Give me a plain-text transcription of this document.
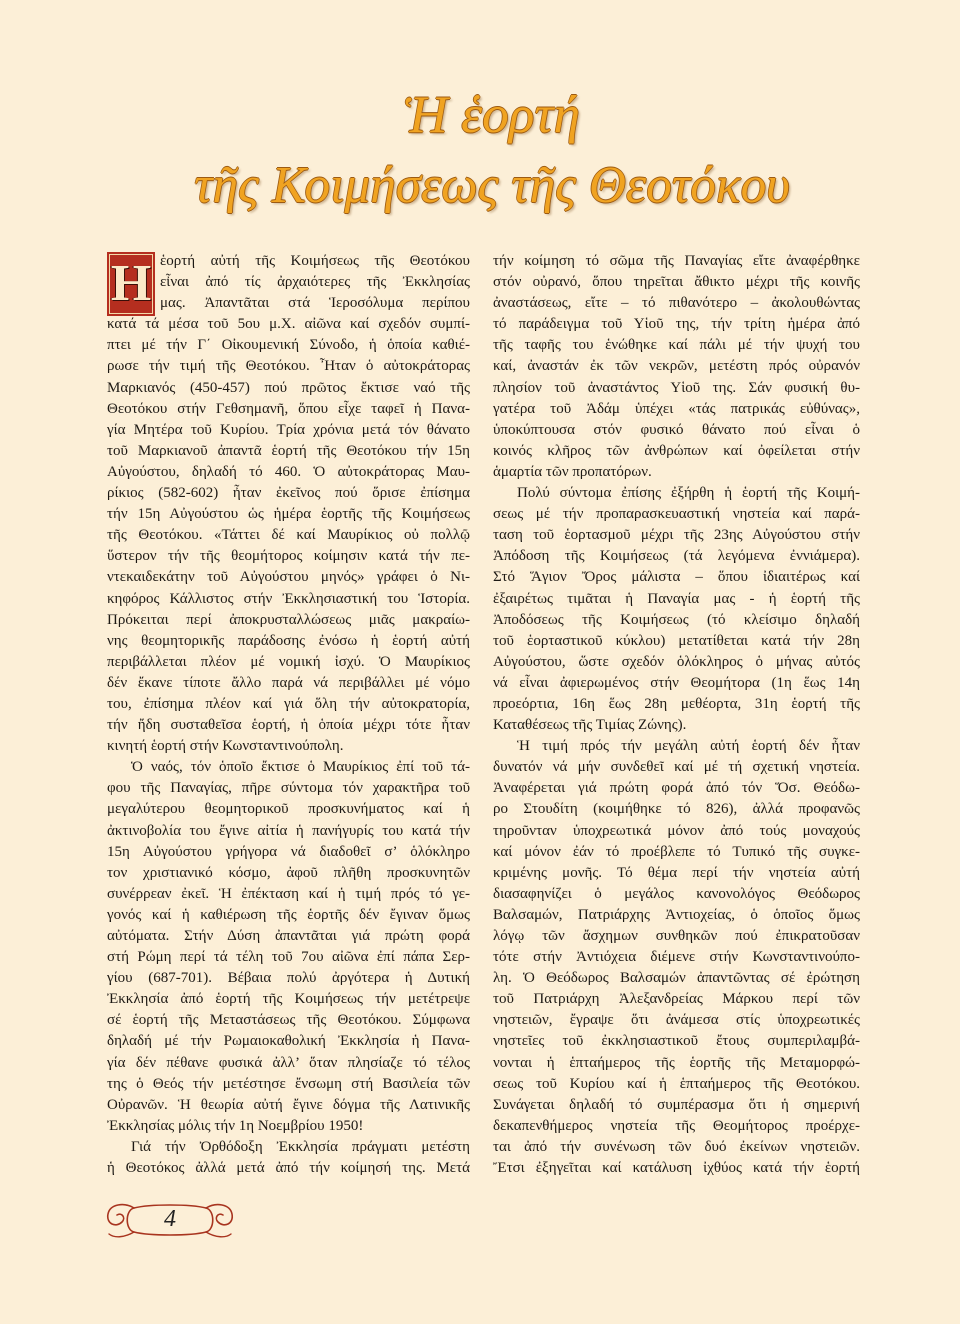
Ἡ ἑορτή
τῆς Κοιμήσεως τῆς Θεοτόκου
Η ἑορτή αὐτή τῆς Κοιμήσεως τῆς Θεοτόκου
εἶναι ἀπό τίς ἀρχαιότερες τῆς Ἐκκλησίας
μας. Ἀπαντᾶται στά Ἱεροσόλυμα περίπου
κατά τά μέσα τοῦ 5ου μ.Χ. αἰῶνα καί σχεδόν συμπί-
πτει μέ τήν Γ΄ Οἰκουμενική Σύνοδο, ἡ ὁποία καθιέ-
ρωσε τήν τιμή τῆς Θεοτόκου. Ἦταν ὁ αὐτοκράτορας
Μαρκιανός (450-457) πού πρῶτος ἔκτισε ναό τῆς
Θεοτόκου στήν Γεθσημανῆ, ὅπου εἶχε ταφεῖ ἡ Πανα-
γία Μητέρα τοῦ Κυρίου. Τρία χρόνια μετά τόν θάνατο
τοῦ Μαρκιανοῦ ἀπαντᾶ ἑορτή τῆς Θεοτόκου τήν 15η
Αὐγούστου, δηλαδή τό 460. Ὁ αὐτοκράτορας Μαυ-
ρίκιος (582-602) ἦταν ἐκεῖνος πού ὅρισε ἐπίσημα
τήν 15η Αὐγούστου ὡς ἡμέρα ἑορτῆς τῆς Κοιμήσεως
τῆς Θεοτόκου. «Τάττει δέ καί Μαυρίκιος οὐ πολλῷ
ὕστερον τήν τῆς θεομήτορος κοίμησιν κατά τήν πε-
ντεκαιδεκάτην τοῦ Αὐγούστου μηνός» γράφει ὁ Νι-
κηφόρος Κάλλιστος στήν Ἐκκλησιαστική του Ἱστορία.
Πρόκειται περί ἀποκρυσταλλώσεως μιᾶς μακραίω-
νης θεομητορικῆς παράδοσης ἐνόσω ἡ ἑορτή αὐτή
περιβάλλεται πλέον μέ νομική ἰσχύ. Ὁ Μαυρίκιος
δέν ἔκανε τίποτε ἄλλο παρά νά περιβάλλει μέ νόμο
του, ἐπίσημα πλέον καί γιά ὅλη τήν αὐτοκρατορία,
τήν ἤδη συσταθεῖσα ἑορτή, ἡ ὁποία μέχρι τότε ἦταν
κινητή ἑορτή στήν Κωνσταντινούπολη.
Ὁ ναός, τόν ὁποῖο ἔκτισε ὁ Μαυρίκιος ἐπί τοῦ τά-
φου τῆς Παναγίας, πῆρε σύντομα τόν χαρακτῆρα τοῦ
μεγαλύτερου θεομητορικοῦ προσκυνήματος καί ἡ
ἀκτινοβολία του ἔγινε αἰτία ἡ πανήγυρίς του κατά τήν
15η Αὐγούστου γρήγορα νά διαδοθεῖ σ’ ὁλόκληρο
τον χριστιανικό κόσμο, ἀφοῦ πλῆθη προσκυνητῶν
συνέρρεαν ἐκεῖ. Ἡ ἐπέκταση καί ἡ τιμή πρός τό γε-
γονός καί ἡ καθιέρωση τῆς ἑορτῆς δέν ἔγιναν ὅμως
αὐτόματα. Στήν Δύση ἀπαντᾶται γιά πρώτη φορά
στή Ρώμη περί τά τέλη τοῦ 7ου αἰῶνα ἐπί πάπα Σερ-
γίου (687-701). Βέβαια πολύ ἀργότερα ἡ Δυτική
Ἐκκλησία ἀπό ἑορτή τῆς Κοιμήσεως τήν μετέτρεψε
σέ ἑορτή τῆς Μεταστάσεως τῆς Θεοτόκου. Σύμφωνα
δηλαδή μέ τήν Ρωμαιοκαθολική Ἐκκλησία ἡ Πανα-
γία δέν πέθανε φυσικά ἀλλ’ ὅταν πλησίαζε τό τέλος
της ὁ Θεός τήν μετέστησε ἔνσωμη στή Βασιλεία τῶν
Οὐρανῶν. Ἡ θεωρία αὐτή ἔγινε δόγμα τῆς Λατινικῆς
Ἐκκλησίας μόλις τήν 1η Νοεμβρίου 1950!
Γιά τήν Ὀρθόδοξη Ἐκκλησία πράγματι μετέστη
ἡ Θεοτόκος ἀλλά μετά ἀπό τήν κοίμησή της. Μετά
τήν κοίμηση τό σῶμα τῆς Παναγίας εἴτε ἀναφέρθηκε
στόν οὐρανό, ὅπου τηρεῖται ἄθικτο μέχρι τῆς κοινῆς
ἀναστάσεως, εἴτε – τό πιθανότερο – ἀκολουθώντας
τό παράδειγμα τοῦ Υἱοῦ της, τήν τρίτη ἡμέρα ἀπό
τῆς ταφῆς του ἑνώθηκε καί πάλι μέ τήν ψυχή του
καί, ἀναστάν ἐκ τῶν νεκρῶν, μετέστη πρός οὐρανόν
πλησίον τοῦ ἀναστάντος Υἱοῦ της. Σάν φυσική θυ-
γατέρα τοῦ Ἀδάμ ὑπέχει «τάς πατρικάς εὐθύνας»,
ὑποκύπτουσα στόν φυσικό θάνατο πού εἶναι ὁ
κοινός κλῆρος τῶν ἀνθρώπων καί ὀφείλεται στήν
ἁμαρτία τῶν προπατόρων.
Πολύ σύντομα ἐπίσης ἐξήρθη ἡ ἑορτή τῆς Κοιμή-
σεως μέ τήν προπαρασκευαστική νηστεία καί παρά-
ταση τοῦ ἑορτασμοῦ μέχρι τῆς 23ης Αὐγούστου στήν
Ἀπόδοση τῆς Κοιμήσεως (τά λεγόμενα ἐννιάμερα).
Στό Ἅγιον Ὄρος μάλιστα – ὅπου ἰδιαιτέρως καί
ἐξαιρέτως τιμᾶται ἡ Παναγία μας - ἡ ἑορτή τῆς
Ἀποδόσεως τῆς Κοιμήσεως (τό κλείσιμο δηλαδή
τοῦ ἑορταστικοῦ κύκλου) μετατίθεται κατά τήν 28η
Αὐγούστου, ὥστε σχεδόν ὁλόκληρος ὁ μήνας αὐτός
νά εἶναι ἀφιερωμένος στήν Θεομήτορα (1η ἕως 14η
προεόρτια, 16η ἕως 28η μεθέορτα, 31η ἑορτή τῆς
Καταθέσεως τῆς Τιμίας Ζώνης).
Ἡ τιμή πρός τήν μεγάλη αὐτή ἑορτή δέν ἦταν
δυνατόν νά μήν συνδεθεῖ καί μέ τή σχετική νηστεία.
Ἀναφέρεται γιά πρώτη φορά ἀπό τόν Ὅσ. Θεόδω-
ρο Στουδίτη (κοιμήθηκε τό 826), ἀλλά προφανῶς
τηροῦνταν ὑποχρεωτικά μόνον ἀπό τούς μοναχούς
καί μόνον ἐάν τό προέβλεπε τό Τυπικό τῆς συγκε-
κριμένης μονῆς. Τό θέμα περί τήν νηστεία αὐτή
διασαφηνίζει ὁ μεγάλος κανονολόγος Θεόδωρος
Βαλσαμών, Πατριάρχης Ἀντιοχείας, ὁ ὁποῖος ὅμως
λόγῳ τῶν ἄσχημων συνθηκῶν πού ἐπικρατοῦσαν
τότε στήν Ἀντιόχεια διέμενε στήν Κωνσταντινούπο-
λη. Ὁ Θεόδωρος Βαλσαμών ἀπαντῶντας σέ ἐρώτηση
τοῦ Πατριάρχη Ἀλεξανδρείας Μάρκου περί τῶν
νηστειῶν, ἔγραψε ὅτι ἀνάμεσα στίς ὑποχρεωτικές
νηστεῖες τοῦ ἐκκλησιαστικοῦ ἔτους συμπεριλαμβά-
νονται ἡ ἑπταήμερος τῆς ἑορτῆς τῆς Μεταμορφώ-
σεως τοῦ Κυρίου καί ἡ ἑπταήμερος τῆς Θεοτόκου.
Συνάγεται δηλαδή τό συμπέρασμα ὅτι ἡ σημερινή
δεκαπενθήμερος νηστεία τῆς Θεομήτορος προέρχε-
ται ἀπό τήν συνένωση τῶν δυό ἐκείνων νηστειῶν.
Ἔτσι ἐξηγεῖται καί κατάλυση ἰχθύος κατά τήν ἑορτή
4
